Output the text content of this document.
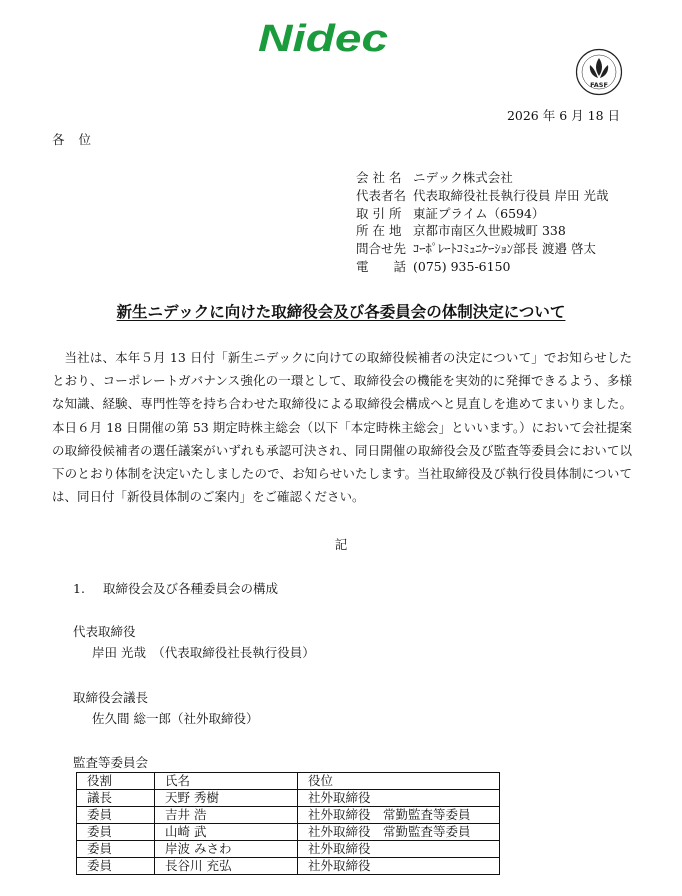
Nidec
FASF
2026 年 6 月 18 日
各位
会 社 名 ニデック株式会社
代表者名 代表取締役社長執行役員 岸田 光哉
取 引 所 東証プライム（6594）
所 在 地 京都市南区久世殿城町 338
問合せ先 ｺｰﾎﾟﾚｰﾄｺﾐｭﾆｹｰｼｮﾝ部長 渡邉 啓太
電　　話 (075) 935-6150
新生ニデックに向けた取締役会及び各委員会の体制決定について

当社は、本年５月 13 日付「新生ニデックに向けての取締役候補者の決定について」でお知らせしたとおり、コーポレートガバナンス強化の一環として、取締役会の機能を実効的に発揮できるよう、多様な知識、経験、専門性等を持ち合わせた取締役による取締役会構成へと見直しを進めてまいりました。本日６月 18 日開催の第 53 期定時株主総会（以下「本定時株主総会」といいます。）において会社提案の取締役候補者の選任議案がいずれも承認可決され、同日開催の取締役会及び監査等委員会において以下のとおり体制を決定いたしましたので、お知らせいたします。当社取締役及び執行役員体制については、同日付「新役員体制のご案内」をご確認ください。

記
1. 取締役会及び各種委員会の構成
代表取締役
岸田 光哉　（代表取締役社長執行役員）
取締役会議長
佐久間 総一郎（社外取締役）
監査等委員会
役割	氏名	役位
議長	天野 秀樹	社外取締役
委員	吉井 浩	社外取締役　常勤監査等委員
委員	山崎 武	社外取締役　常勤監査等委員
委員	岸波 みさわ	社外取締役
委員	長谷川 充弘	社外取締役
